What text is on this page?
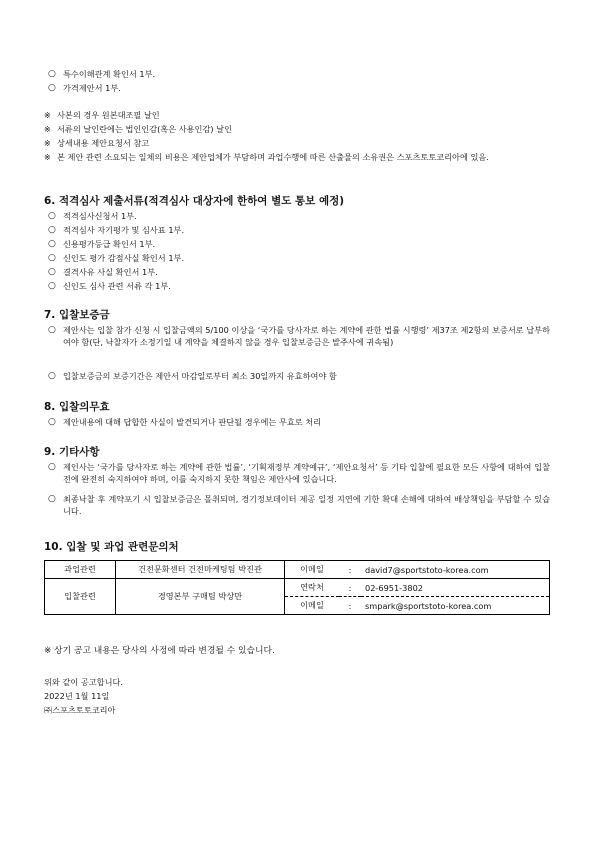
○ 특수이해관계 확인서 1부.
○ 가격제안서 1부.
※ 사본의 경우 원본대조필 날인
※ 서류의 날인란에는 법인인감(혹은 사용인감) 날인
※ 상세내용 제안요청서 참고
※ 본 제안 관련 소요되는 일체의 비용은 제안업체가 부담하며 과업수행에 따른 산출물의 소유권은 스포츠토토코리아에 있음.
6. 적격심사 제출서류(적격심사 대상자에 한하여 별도 통보 예정)
○ 적격심사신청서 1부.
○ 적격심사 자기평가 및 심사표 1부.
○ 신용평가등급 확인서 1부.
○ 신인도 평가 감점사실 확인서 1부.
○ 결격사유 사실 확인서 1부.
○ 신인도 심사 관련 서류 각 1부.
7. 입찰보증금
○ 제안사는 입찰 참가 신청 시 입찰금액의 5/100 이상을 ‘국가를 당사자로 하는 계약에 관한 법률 시행령’ 제37조 제2항의 보증서로 납부하여야 함(단, 낙찰자가 소정기일 내 계약을 체결하지 않을 경우 입찰보증금은 발주사에 귀속됨)
○ 입찰보증금의 보증기간은 제안서 마감일로부터 최소 30일까지 유효하여야 함
8. 입찰의무효
○ 제안내용에 대해 답합한 사실이 발견되거나 판단될 경우에는 무효로 처리
9. 기타사항
○ 제인사는 ‘국가를 당사자로 하는 계약에 관한 법률’, ‘기획재정부 계약예규’, ‘제안요청서’ 등 기타 입찰에 필요한 모든 사항에 대하여 입찰 전에 완전히 숙지하여야 하며, 이를 숙지하지 못한 책임은 제안사에 있습니다.
○ 최종낙찰 후 계약포기 시 입찰보증금은 몰취되며, 경기정보데이터 제공 일정 지연에 기한 확대 손해에 대하여 배상책임을 부담할 수 있습니다.
10. 입찰 및 과업 관련문의처
과업관련	건전문화센터 건전마케팅팀 박진관	이메일	:	david7@sportstoto-korea.com
입찰관련	경영본부 구매팀 박상만	연락처	:	02-6951-3802
		이메일	:	smpark@sportstoto-korea.com
※ 상기 공고 내용은 당사의 사정에 따라 변경될 수 있습니다.
위와 같이 공고합니다.
2022년 1월 11일
㈜스포츠토토코리아
